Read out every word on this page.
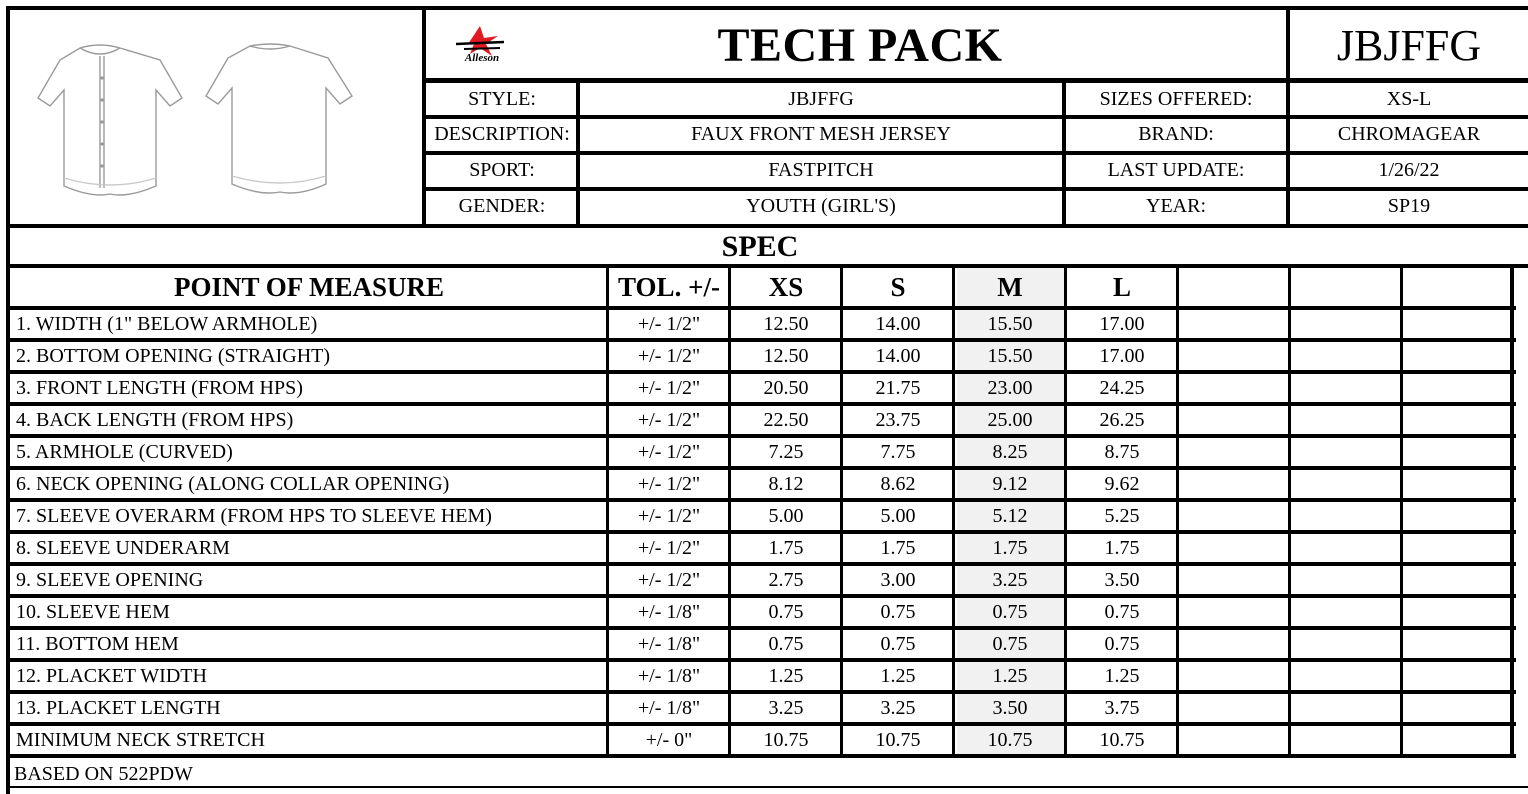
Alleson	TECH PACK	JBJFFG
STYLE:	JBJFFG	SIZES OFFERED:	XS-L
DESCRIPTION:	FAUX FRONT MESH JERSEY	BRAND:	CHROMAGEAR
SPORT:	FASTPITCH	LAST UPDATE:	1/26/22
GENDER:	YOUTH (GIRL'S)	YEAR:	SP19
SPEC
POINT OF MEASURE	TOL. +/-	XS	S	M	L
1. WIDTH (1" BELOW ARMHOLE)	+/- 1/2"	12.50	14.00	15.50	17.00
2. BOTTOM OPENING (STRAIGHT)	+/- 1/2"	12.50	14.00	15.50	17.00
3. FRONT LENGTH (FROM HPS)	+/- 1/2"	20.50	21.75	23.00	24.25
4. BACK LENGTH (FROM HPS)	+/- 1/2"	22.50	23.75	25.00	26.25
5. ARMHOLE (CURVED)	+/- 1/2"	7.25	7.75	8.25	8.75
6. NECK OPENING (ALONG COLLAR OPENING)	+/- 1/2"	8.12	8.62	9.12	9.62
7. SLEEVE OVERARM (FROM HPS TO SLEEVE HEM)	+/- 1/2"	5.00	5.00	5.12	5.25
8. SLEEVE UNDERARM	+/- 1/2"	1.75	1.75	1.75	1.75
9. SLEEVE OPENING	+/- 1/2"	2.75	3.00	3.25	3.50
10. SLEEVE HEM	+/- 1/8"	0.75	0.75	0.75	0.75
11. BOTTOM HEM	+/- 1/8"	0.75	0.75	0.75	0.75
12. PLACKET WIDTH	+/- 1/8"	1.25	1.25	1.25	1.25
13. PLACKET LENGTH	+/- 1/8"	3.25	3.25	3.50	3.75
MINIMUM NECK STRETCH	+/- 0"	10.75	10.75	10.75	10.75
BASED ON 522PDW
